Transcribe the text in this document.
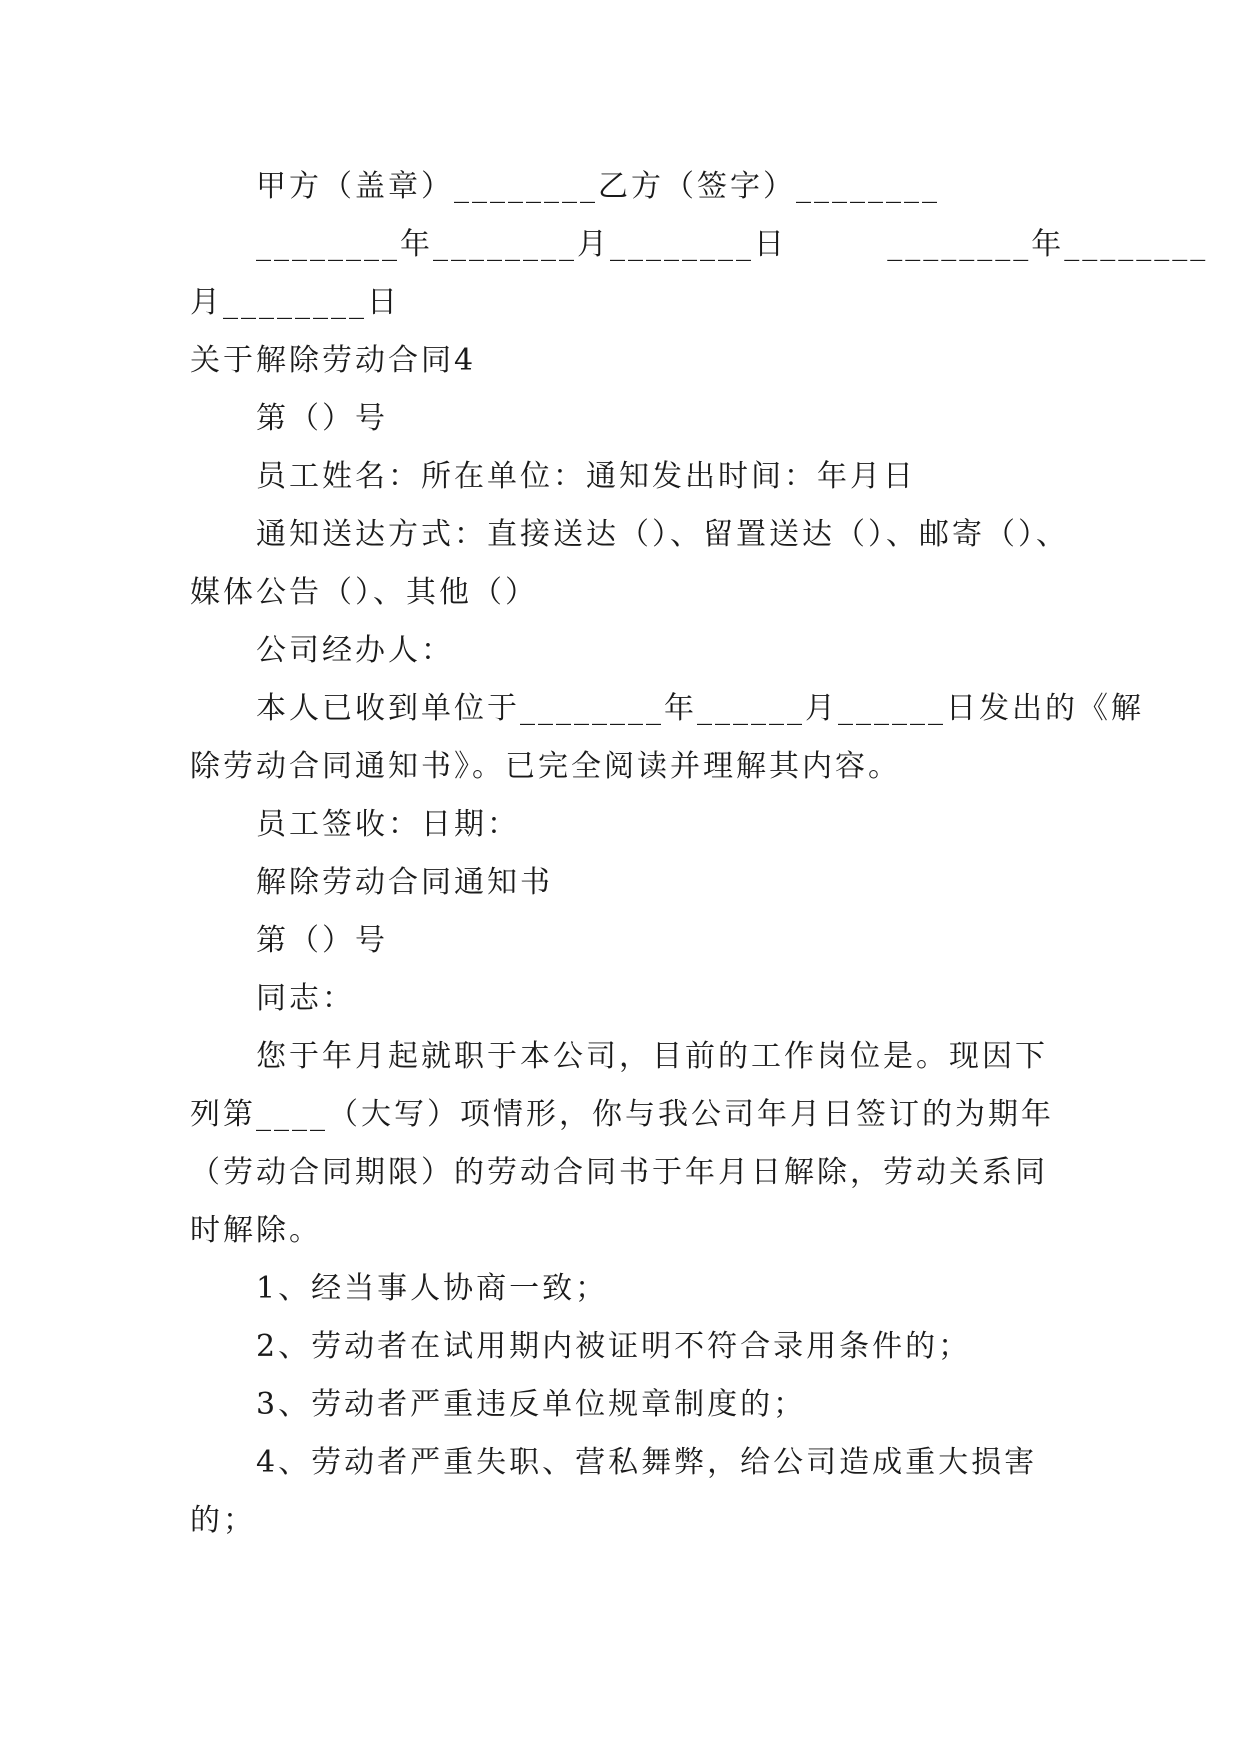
甲方（盖章）________乙方（签字）________

________年________月________日        ________年________

月________日

关于解除劳动合同4

第（）号

员工姓名：所在单位：通知发出时间：年月日

通知送达方式：直接送达（）、留置送达（）、邮寄（）、

媒体公告（）、其他（）

公司经办人：

本人已收到单位于________年______月______日发出的《解

除劳动合同通知书》。已完全阅读并理解其内容。

员工签收：日期：

解除劳动合同通知书

第（）号

同志：

您于年月起就职于本公司，目前的工作岗位是。现因下

列第____（大写）项情形，你与我公司年月日签订的为期年

（劳动合同期限）的劳动合同书于年月日解除，劳动关系同

时解除。

1、经当事人协商一致；

2、劳动者在试用期内被证明不符合录用条件的；

3、劳动者严重违反单位规章制度的；

4、劳动者严重失职、营私舞弊，给公司造成重大损害

的；
